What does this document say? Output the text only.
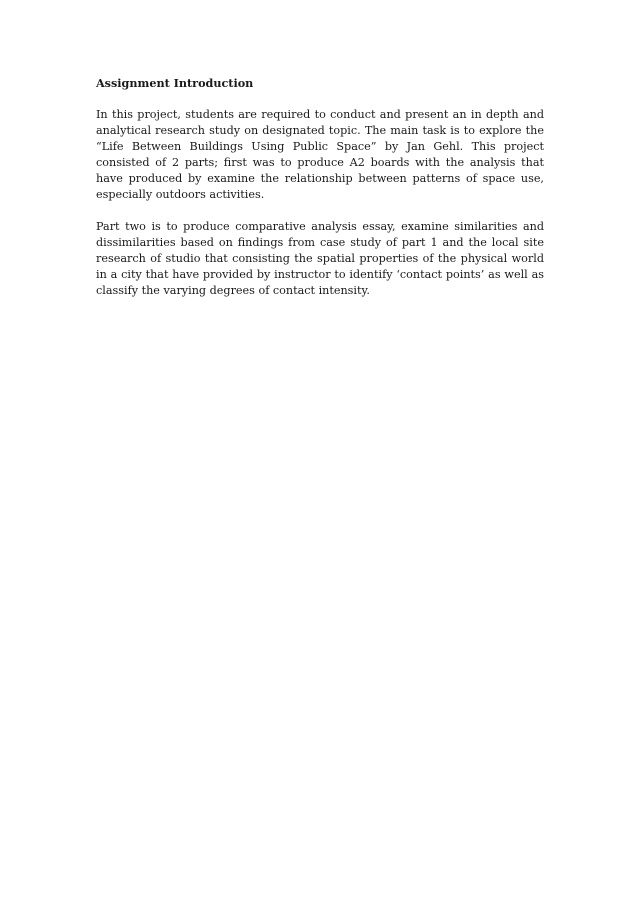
Assignment Introduction

In this project, students are required to conduct and present an in depth and analytical research study on designated topic. The main task is to explore the “Life Between Buildings Using Public Space” by Jan Gehl. This project consisted of 2 parts; first was to produce A2 boards with the analysis that have produced by examine the relationship between patterns of space use, especially outdoors activities.

Part two is to produce comparative analysis essay, examine similarities and dissimilarities based on findings from case study of part 1 and the local site research of studio that consisting the spatial properties of the physical world in a city that have provided by instructor to identify ‘contact points’ as well as classify the varying degrees of contact intensity.
